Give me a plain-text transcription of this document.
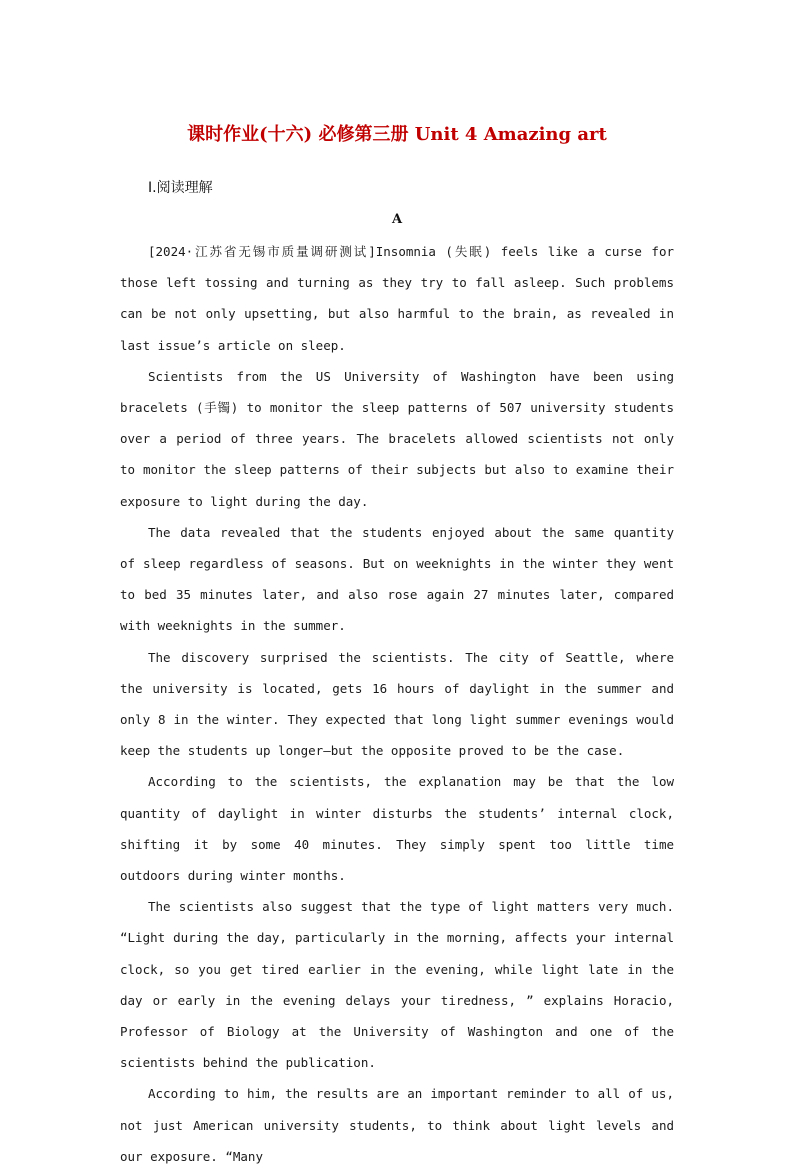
课时作业(十六) 必修第三册 Unit 4 Amazing art
Ⅰ.阅读理解
A

[2024·江苏省无锡市质量调研测试]Insomnia (失眠) feels like a curse for those left tossing and turning as they try to fall asleep. Such problems can be not only upsetting, but also harmful to the brain, as revealed in last issue’s article on sleep.

Scientists from the US University of Washington have been using bracelets (手镯) to monitor the sleep patterns of 507 university students over a period of three years. The bracelets allowed scientists not only to monitor the sleep patterns of their subjects but also to examine their exposure to light during the day.

The data revealed that the students enjoyed about the same quantity of sleep regardless of seasons. But on weeknights in the winter they went to bed 35 minutes later, and also rose again 27 minutes later, compared with weeknights in the summer.

The discovery surprised the scientists. The city of Seattle, where the university is located, gets 16 hours of daylight in the summer and only 8 in the winter. They expected that long light summer evenings would keep the students up longer—but the opposite proved to be the case.

According to the scientists, the explanation may be that the low quantity of daylight in winter disturbs the students’ internal clock, shifting it by some 40 minutes. They simply spent too little time outdoors during winter months.

The scientists also suggest that the type of light matters very much. “Light during the day, particularly in the morning, affects your internal clock, so you get tired earlier in the evening, while light late in the day or early in the evening delays your tiredness, ” explains Horacio, Professor of Biology at the University of Washington and one of the scientists behind the publication.

According to him, the results are an important reminder to all of us, not just American university students, to think about light levels and our exposure. “Many
